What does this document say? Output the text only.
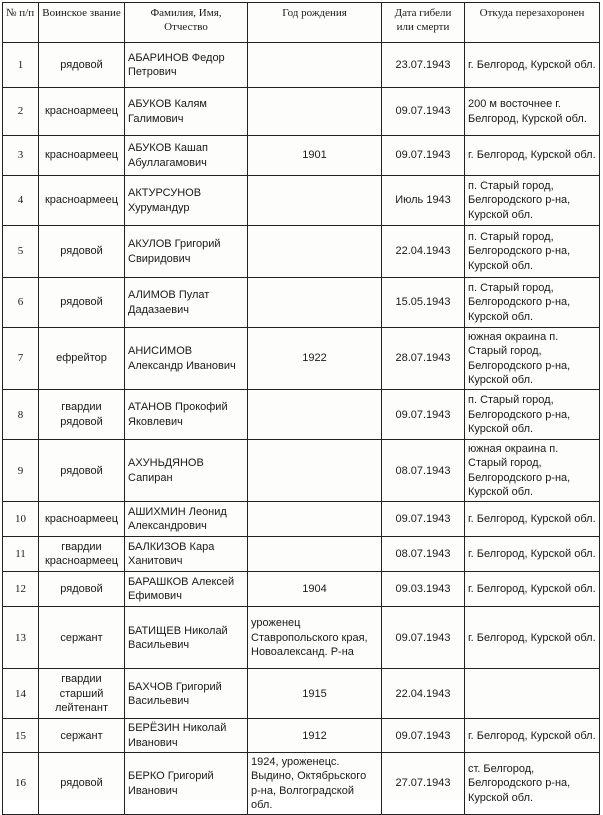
№ п/п	Воинское звание	Фамилия, Имя, Отчество	Год рождения	Дата гибели или смерти	Откуда перезахоронен
1	рядовой	АБАРИНОВ Федор Петрович		23.07.1943	г. Белгород, Курской обл.
2	красноармеец	АБУКОВ Калям Галимович		09.07.1943	200 м восточнее г. Белгород, Курской обл.
3	красноармеец	АБУКОВ Кашап Абуллагамович	1901	09.07.1943	г. Белгород, Курской обл.
4	красноармеец	АКТУРСУНОВ Хурумандур		Июль 1943	п. Старый город, Белгородского р-на, Курской обл.
5	рядовой	АКУЛОВ Григорий Свиридович		22.04.1943	п. Старый город, Белгородского р-на, Курской обл.
6	рядовой	АЛИМОВ Пулат Дадазаевич		15.05.1943	п. Старый город, Белгородского р-на, Курской обл.
7	ефрейтор	АНИСИМОВ Александр Иванович	1922	28.07.1943	южная окраина п. Старый город, Белгородского р-на, Курской обл.
8	гвардии рядовой	АТАНОВ Прокофий Яковлевич		09.07.1943	п. Старый город, Белгородского р-на, Курской обл.
9	рядовой	АХУНЬДЯНОВ Сапиран		08.07.1943	южная окраина п. Старый город, Белгородского р-на, Курской обл.
10	красноармеец	АШИХМИН Леонид Александрович		09.07.1943	г. Белгород, Курской обл.
11	гвардии красноармеец	БАЛКИЗОВ Кара Ханитович		08.07.1943	г. Белгород, Курской обл.
12	рядовой	БАРАШКОВ Алексей Ефимович	1904	09.03.1943	г. Белгород, Курской обл.
13	сержант	БАТИЩЕВ Николай Васильевич	уроженец Ставропольского края, Новоалександ. Р-на	09.07.1943	г. Белгород, Курской обл.
14	гвардии старший лейтенант	БАХЧОВ Григорий Васильевич	1915	22.04.1943	
15	сержант	БЕРЁЗИН Николай Иванович	1912	09.07.1943	г. Белгород, Курской обл.
16	рядовой	БЕРКО Григорий Иванович	1924, уроженецс. Выдино, Октябрьского р-на, Волгоградской обл.	27.07.1943	ст. Белгород, Белгородского р-на, Курской обл.
